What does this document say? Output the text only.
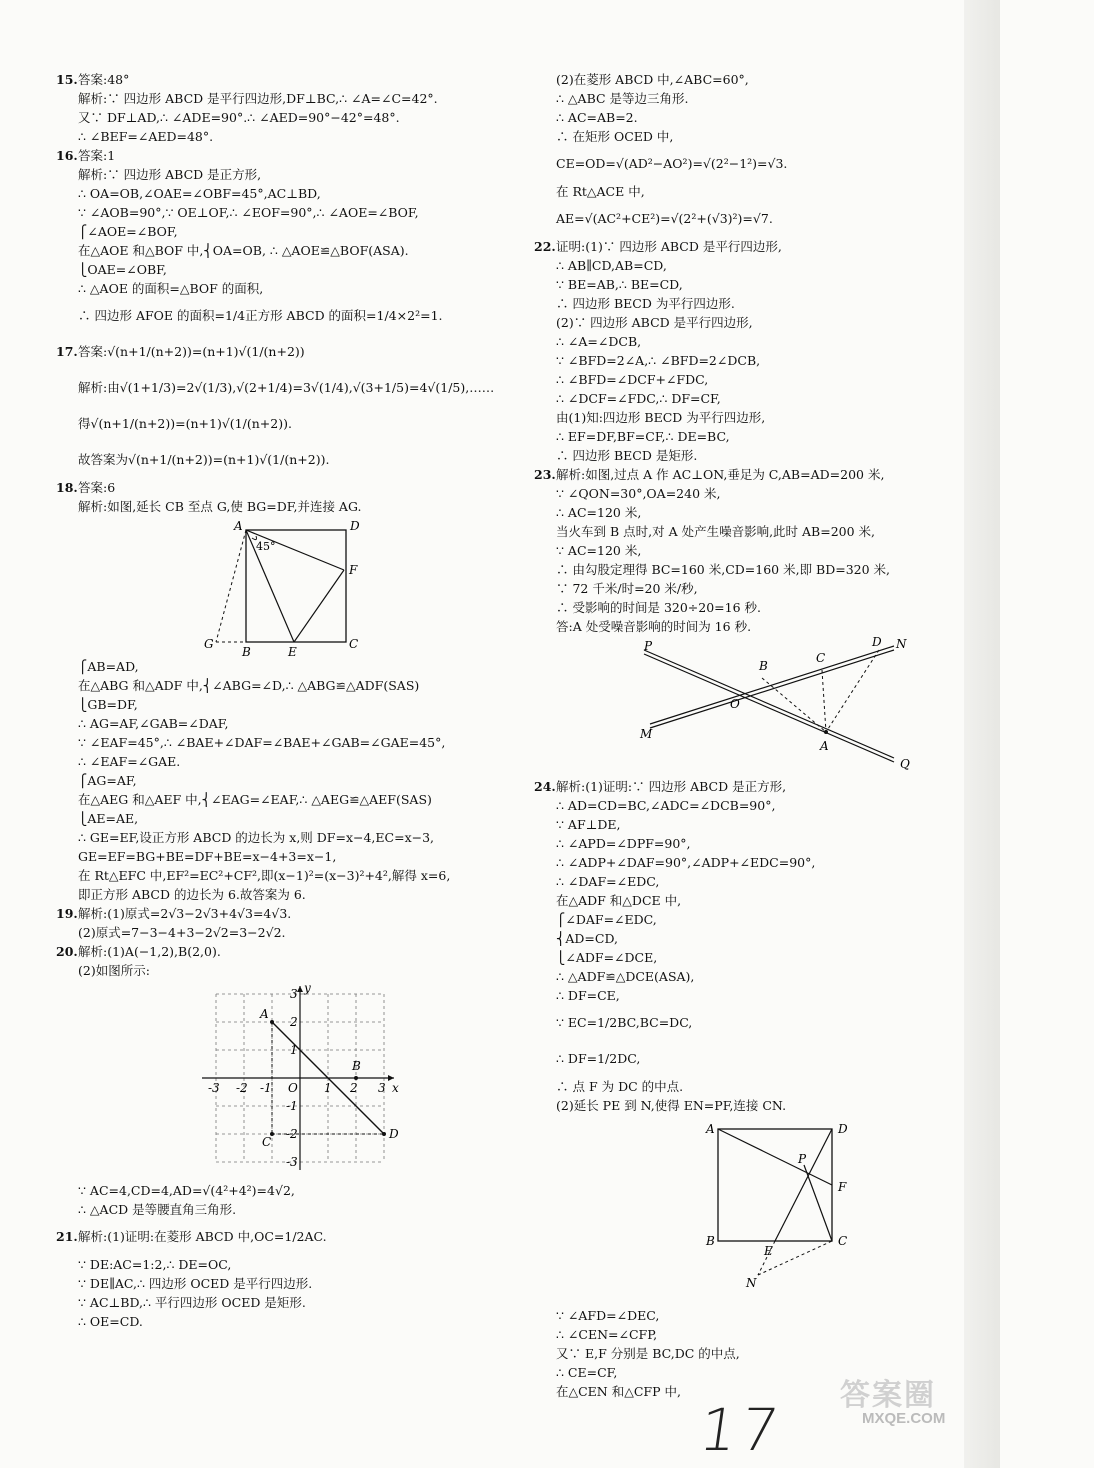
15.答案:48°
解析:∵ 四边形 ABCD 是平行四边形,DF⊥BC,∴ ∠A=∠C=42°.
又∵ DF⊥AD,∴ ∠ADE=90°.∴ ∠AED=90°−42°=48°.
∴ ∠BEF=∠AED=48°.
16.答案:1
解析:∵ 四边形 ABCD 是正方形,
∴ OA=OB,∠OAE=∠OBF=45°,AC⊥BD,
∵ ∠AOB=90°,∵ OE⊥OF,∴ ∠EOF=90°,∴ ∠AOE=∠BOF,
⎧∠AOE=∠BOF,
在△AOE 和△BOF 中,⎨OA=OB, ∴ △AOE≌△BOF(ASA).
⎩OAE=∠OBF,
∴ △AOE 的面积=△BOF 的面积,
∴ 四边形 AFOE 的面积=1/4正方形 ABCD 的面积=1/4×2²=1.
17.答案:√(n+1/(n+2))=(n+1)√(1/(n+2))
解析:由√(1+1/3)=2√(1/3),√(2+1/4)=3√(1/4),√(3+1/5)=4√(1/5),……
得√(n+1/(n+2))=(n+1)√(1/(n+2)).
故答案为√(n+1/(n+2))=(n+1)√(1/(n+2)).
18.答案:6
解析:如图,延长 CB 至点 G,使 BG=DF,并连接 AG.
A	D
F
C
E
B
G
45°
⎧AB=AD,
在△ABG 和△ADF 中,⎨∠ABG=∠D,∴ △ABG≌△ADF(SAS)
⎩GB=DF,
∴ AG=AF,∠GAB=∠DAF,
∵ ∠EAF=45°,∴ ∠BAE+∠DAF=∠BAE+∠GAB=∠GAE=45°,
∴ ∠EAF=∠GAE.
⎧AG=AF,
在△AEG 和△AEF 中,⎨∠EAG=∠EAF,∴ △AEG≌△AEF(SAS)
⎩AE=AE,
∴ GE=EF,设正方形 ABCD 的边长为 x,则 DF=x−4,EC=x−3,
GE=EF=BG+BE=DF+BE=x−4+3=x−1,
在 Rt△EFC 中,EF²=EC²+CF²,即(x−1)²=(x−3)²+4²,解得 x=6,
即正方形 ABCD 的边长为 6.故答案为 6.
19.解析:(1)原式=2√3−2√3+4√3=4√3.
(2)原式=7−3−4+3−2√2=3−2√2.
20.解析:(1)A(−1,2),B(2,0).
(2)如图所示:
A
B
C
D
y
x
-3 -2 -1 O 1 2 3
3
2
1
-1
-2
-3
∵ AC=4,CD=4,AD=√(4²+4²)=4√2,
∴ △ACD 是等腰直角三角形.
21.解析:(1)证明:在菱形 ABCD 中,OC=1/2AC.
∵ DE:AC=1:2,∴ DE=OC,
∵ DE∥AC,∴ 四边形 OCED 是平行四边形.
∵ AC⊥BD,∴ 平行四边形 OCED 是矩形.
∴ OE=CD.
(2)在菱形 ABCD 中,∠ABC=60°,
∴ △ABC 是等边三角形.
∴ AC=AB=2.
∴ 在矩形 OCED 中,
CE=OD=√(AD²−AO²)=√(2²−1²)=√3.
在 Rt△ACE 中,
AE=√(AC²+CE²)=√(2²+(√3)²)=√7.
22.证明:(1)∵ 四边形 ABCD 是平行四边形,
∴ AB∥CD,AB=CD,
∵ BE=AB,∴ BE=CD,
∴ 四边形 BECD 为平行四边形.
(2)∵ 四边形 ABCD 是平行四边形,
∴ ∠A=∠DCB,
∵ ∠BFD=2∠A,∴ ∠BFD=2∠DCB,
∴ ∠BFD=∠DCF+∠FDC,
∴ ∠DCF=∠FDC,∴ DF=CF,
由(1)知:四边形 BECD 为平行四边形,
∴ EF=DF,BF=CF,∴ DE=BC,
∴ 四边形 BECD 是矩形.
23.解析:如图,过点 A 作 AC⊥ON,垂足为 C,AB=AD=200 米,
∵ ∠QON=30°,OA=240 米,
∴ AC=120 米,
当火车到 B 点时,对 A 处产生噪音影响,此时 AB=200 米,
∵ AC=120 米,
∴ 由勾股定理得 BC=160 米,CD=160 米,即 BD=320 米,
∵ 72 千米/时=20 米/秒,
∴ 受影响的时间是 320÷20=16 秒.
答:A 处受噪音影响的时间为 16 秒.
P	N
D
C
B
O
M
A
Q
24.解析:(1)证明:∵ 四边形 ABCD 是正方形,
∴ AD=CD=BC,∠ADC=∠DCB=90°,
∵ AF⊥DE,
∴ ∠APD=∠DPF=90°,
∴ ∠ADP+∠DAF=90°,∠ADP+∠EDC=90°,
∴ ∠DAF=∠EDC,
在△ADF 和△DCE 中,
⎧∠DAF=∠EDC,
⎨AD=CD,
⎩∠ADF=∠DCE,
∴ △ADF≌△DCE(ASA),
∴ DF=CE,
∵ EC=1/2BC,BC=DC,
∴ DF=1/2DC,
∴ 点 F 为 DC 的中点.
(2)延长 PE 到 N,使得 EN=PF,连接 CN.
A	D
F
C
B
P
E
N
∵ ∠AFD=∠DEC,
∴ ∠CEN=∠CFP,
又∵ E,F 分别是 BC,DC 的中点,
∴ CE=CF,
在△CEN 和△CFP 中,	答案圈
MXQE.COM
17
